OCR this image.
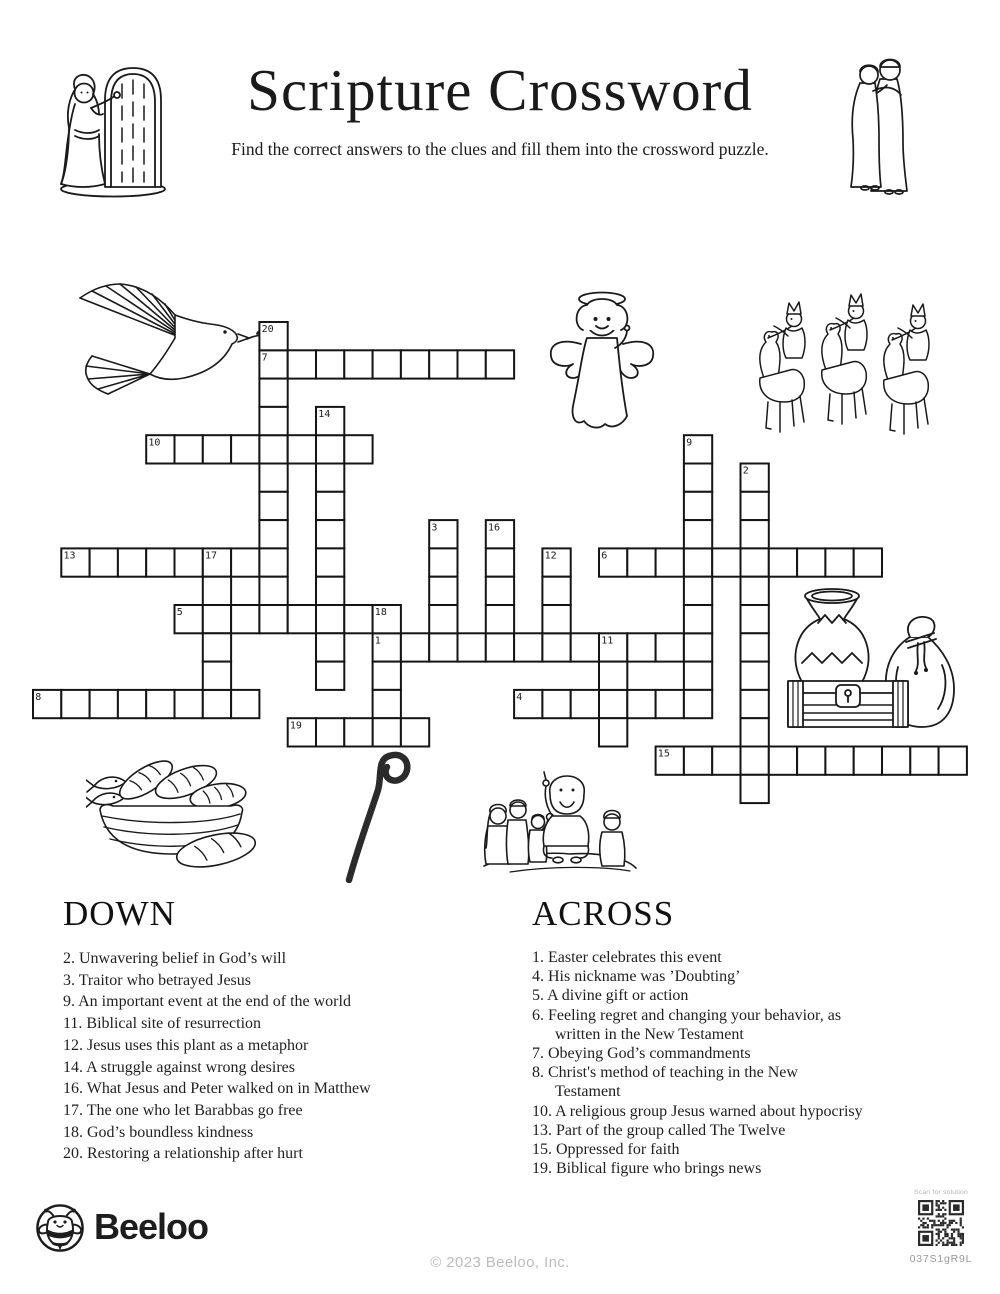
Scripture Crossword
Find the correct answers to the clues and fill them into the crossword puzzle.
1	11
2
3
4
5	18
6
7
8
9
10
12
13	17
14
15
16
19
20
DOWN
2. Unwavering belief in God’s will
3. Traitor who betrayed Jesus
9. An important event at the end of the world
11. Biblical site of resurrection
12. Jesus uses this plant as a metaphor
14. A struggle against wrong desires
16. What Jesus and Peter walked on in Matthew
17. The one who let Barabbas go free
18. God’s boundless kindness
20. Restoring a relationship after hurt
ACROSS
1. Easter celebrates this event
4. His nickname was ’Doubting’
5. A divine gift or action
6. Feeling regret and changing your behavior, as
written in the New Testament
7. Obeying God’s commandments
8. Christ's method of teaching in the New
Testament
10. A religious group Jesus warned about hypocrisy
13. Part of the group called The Twelve
15. Oppressed for faith
19. Biblical figure who brings news
Beeloo
© 2023 Beeloo, Inc.
Scan for solution
037S1gR9L
